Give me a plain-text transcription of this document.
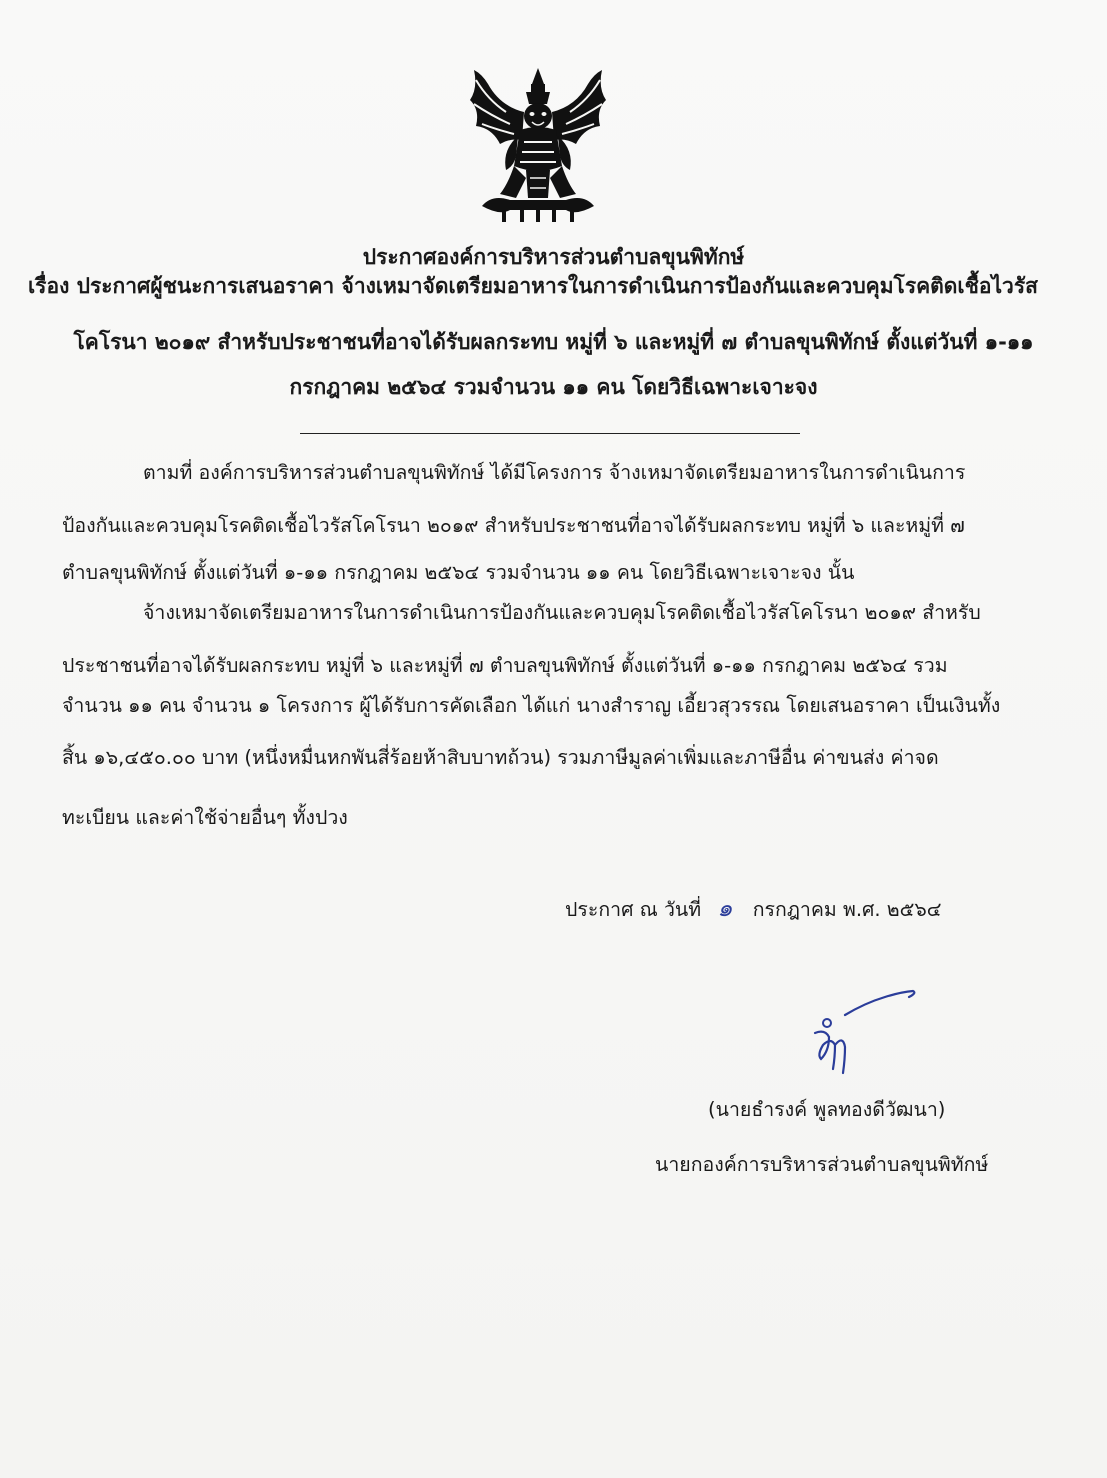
ประกาศองค์การบริหารส่วนตำบลขุนพิทักษ์
เรื่อง ประกาศผู้ชนะการเสนอราคา จ้างเหมาจัดเตรียมอาหารในการดำเนินการป้องกันและควบคุมโรคติดเชื้อไวรัส
โคโรนา ๒๐๑๙ สำหรับประชาชนที่อาจได้รับผลกระทบ หมู่ที่ ๖ และหมู่ที่ ๗ ตำบลขุนพิทักษ์ ตั้งแต่วันที่ ๑-๑๑
กรกฎาคม ๒๕๖๔ รวมจำนวน ๑๑ คน โดยวิธีเฉพาะเจาะจง
ตามที่ องค์การบริหารส่วนตำบลขุนพิทักษ์ ได้มีโครงการ จ้างเหมาจัดเตรียมอาหารในการดำเนินการ
ป้องกันและควบคุมโรคติดเชื้อไวรัสโคโรนา ๒๐๑๙ สำหรับประชาชนที่อาจได้รับผลกระทบ หมู่ที่ ๖ และหมู่ที่ ๗
ตำบลขุนพิทักษ์ ตั้งแต่วันที่ ๑-๑๑ กรกฎาคม ๒๕๖๔ รวมจำนวน ๑๑ คน โดยวิธีเฉพาะเจาะจง นั้น
จ้างเหมาจัดเตรียมอาหารในการดำเนินการป้องกันและควบคุมโรคติดเชื้อไวรัสโคโรนา ๒๐๑๙ สำหรับ
ประชาชนที่อาจได้รับผลกระทบ หมู่ที่ ๖ และหมู่ที่ ๗ ตำบลขุนพิทักษ์ ตั้งแต่วันที่ ๑-๑๑ กรกฎาคม ๒๕๖๔ รวม
จำนวน ๑๑ คน จำนวน ๑ โครงการ ผู้ได้รับการคัดเลือก ได้แก่ นางสำราญ เอี้ยวสุวรรณ โดยเสนอราคา เป็นเงินทั้ง
สิ้น ๑๖,๔๕๐.๐๐ บาท (หนึ่งหมื่นหกพันสี่ร้อยห้าสิบบาทถ้วน) รวมภาษีมูลค่าเพิ่มและภาษีอื่น ค่าขนส่ง ค่าจด
ทะเบียน และค่าใช้จ่ายอื่นๆ ทั้งปวง
ประกาศ ณ วันที่ ๑ กรกฎาคม พ.ศ. ๒๕๖๔
(นายธำรงค์ พูลทองดีวัฒนา)
นายกองค์การบริหารส่วนตำบลขุนพิทักษ์
